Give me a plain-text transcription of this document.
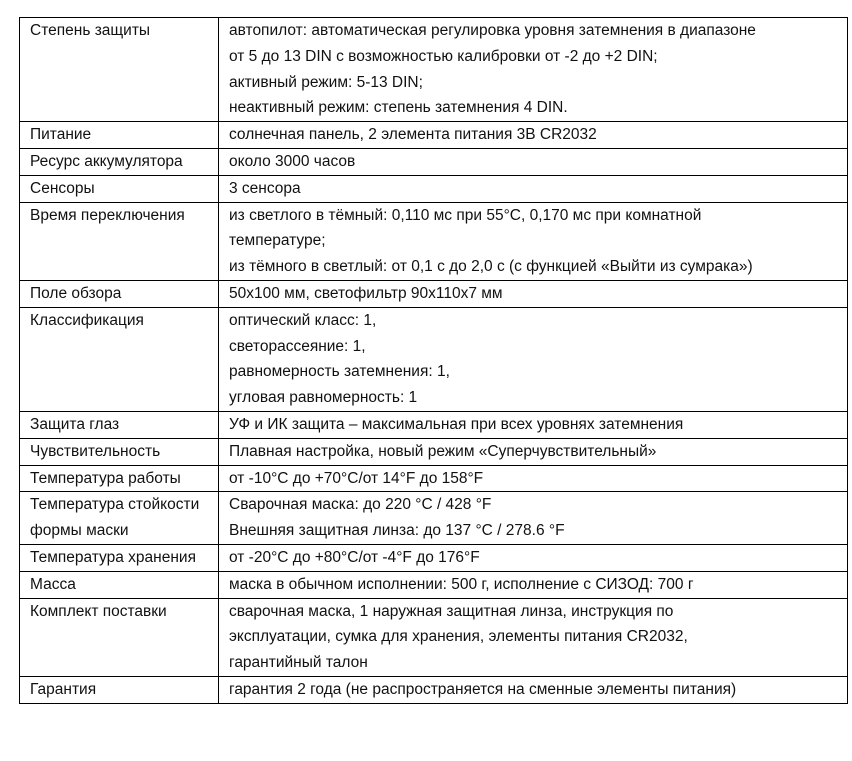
Степень защиты	автопилот: автоматическая регулировка уровня затемнения в диапазоне
от 5 до 13 DIN с возможностью калибровки от -2 до +2 DIN;
активный режим: 5-13 DIN;
неактивный режим: степень затемнения 4 DIN.

Питание	солнечная панель, 2 элемента питания 3В CR2032

Ресурс аккумулятора	около 3000 часов

Сенсоры	3 сенсора

Время переключения	из светлого в тёмный: 0,110 мс при 55°С, 0,170 мс при комнатной
температуре;
из тёмного в светлый: от 0,1 с до 2,0 с (с функцией «Выйти из сумрака»)

Поле обзора	50х100 мм, светофильтр 90х110х7 мм

Классификация	оптический класс: 1,
светорассеяние: 1,
равномерность затемнения: 1,
угловая равномерность: 1

Защита глаз	УФ и ИК защита – максимальная при всех уровнях затемнения

Чувствительность	Плавная настройка, новый режим «Суперчувствительный»

Температура работы	от -10°С до +70°С/от 14°F до 158°F

Температура стойкости формы маски	Сварочная маска: до 220 °C / 428 °F
Внешняя защитная линза: до 137 °C / 278.6 °F

Температура хранения	от -20°С до +80°С/от -4°F до 176°F

Масса	маска в обычном исполнении: 500 г, исполнение с СИЗОД: 700 г

Комплект поставки	сварочная маска, 1 наружная защитная линза, инструкция по
эксплуатации, сумка для хранения, элементы питания CR2032,
гарантийный талон

Гарантия	гарантия 2 года (не распространяется на сменные элементы питания)
